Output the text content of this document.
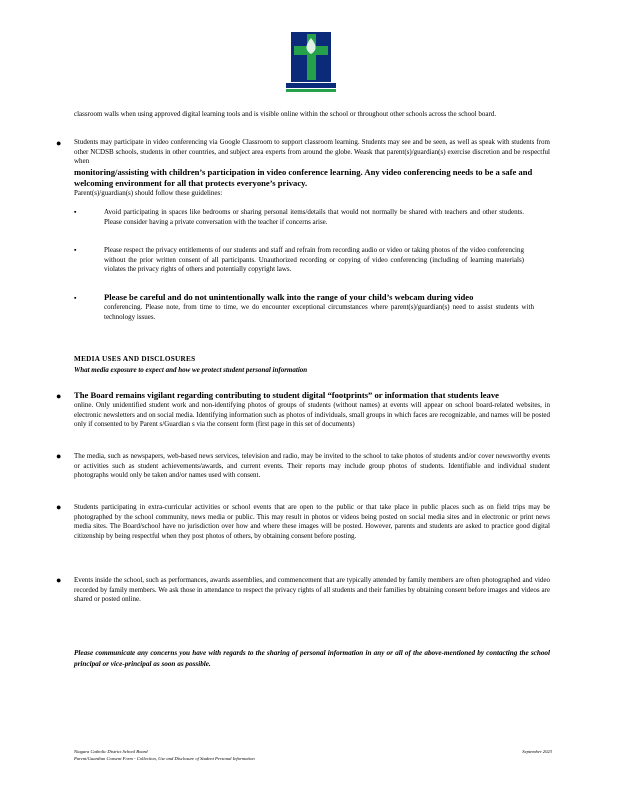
classroom walls when using approved digital learning tools and is visible online within the school or throughout other schools across the school board.
● Students may participate in video conferencing via Google Classroom to support classroom learning. Students may see and be seen, as well as speak with students from other NCDSB schools, students in other countries, and subject area experts from around the globe. Weask that parent(s)/guardian(s) exercise discretion and be respectful when
monitoring/assisting with children’s participation in video conference learning. Any video conferencing needs to be a safe and welcoming environment for all that protects everyone’s privacy.
Parent(s)/guardian(s) should follow these guidelines:
▪	Avoid participating in spaces like bedrooms or sharing personal items/details that would not normally be shared with teachers and other students. Please consider having a private conversation with the teacher if concerns arise.
▪	Please respect the privacy entitlements of our students and staff and refrain from recording audio or video or taking photos of the video conferencing without the prior written consent of all participants. Unauthorized recording or copying of video conferencing (including of learning materials) violates the privacy rights of others and potentially copyright laws.
▪	Please be careful and do not unintentionally walk into the range of your child’s webcam during video
conferencing. Please note, from time to time, we do encounter exceptional circumstances where parent(s)/guardian(s) need to assist students with technology issues.
MEDIA USES AND DISCLOSURES
What media exposure to expect and how we protect student personal information
● The Board remains vigilant regarding contributing to student digital “footprints” or information that students leave
online. Only unidentified student work and non-identifying photos of groups of students (without names) at events will appear on school board-related websites, in electronic newsletters and on social media. Identifying information such as photos of individuals, small groups in which faces are recognizable, and names will be posted only if consented to by Parent s/Guardian s via the consent form (first page in this set of documents)
● The media, such as newspapers, web-based news services, television and radio, may be invited to the school to take photos of students and/or cover newsworthy events or activities such as student achievements/awards, and current events. Their reports may include group photos of students. Identifiable and individual student photographs would only be taken and/or names used with consent.
● Students participating in extra-curricular activities or school events that are open to the public or that take place in public places such as on field trips may be photographed by the school community, news media or public. This may result in photos or videos being posted on social media sites and in electronic or print news media sites. The Board/school have no jurisdiction over how and where these images will be posted. However, parents and students are asked to practice good digital citizenship by being respectful when they post photos of others, by obtaining consent before posting.
● Events inside the school, such as performances, awards assemblies, and commencement that are typically attended by family members are often photographed and video recorded by family members. We ask those in attendance to respect the privacy rights of all students and their families by obtaining consent before images and videos are shared or posted online.
Please communicate any concerns you have with regards to the sharing of personal information in any or all of the above-mentioned by contacting the school principal or vice-principal as soon as possible.
Niagara Catholic District School Board	September 2023
Parent/Guardian Consent Form - Collection, Use and Disclosure of Student Personal Information
